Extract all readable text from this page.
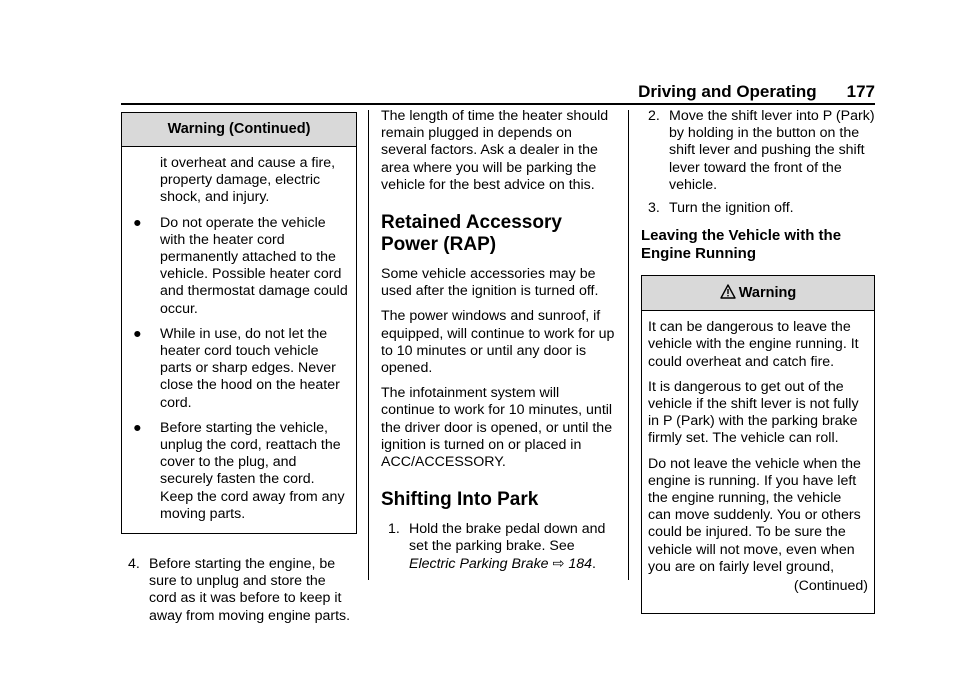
Driving and Operating 177
Warning (Continued)

it overheat and cause a fire, property damage, electric shock, and injury.

● Do not operate the vehicle with the heater cord permanently attached to the vehicle. Possible heater cord and thermostat damage could occur.
● While in use, do not let the heater cord touch vehicle parts or sharp edges. Never close the hood on the heater cord.
● Before starting the vehicle, unplug the cord, reattach the cover to the plug, and securely fasten the cord. Keep the cord away from any moving parts.
4. Before starting the engine, be sure to unplug and store the cord as it was before to keep it away from moving engine parts.

The length of time the heater should remain plugged in depends on several factors. Ask a dealer in the area where you will be parking the vehicle for the best advice on this.

Retained Accessory Power (RAP)

Some vehicle accessories may be used after the ignition is turned off.

The power windows and sunroof, if equipped, will continue to work for up to 10 minutes or until any door is opened.

The infotainment system will continue to work for 10 minutes, until the driver door is opened, or until the ignition is turned on or placed in ACC/ACCESSORY.

Shifting Into Park
1. Hold the brake pedal down and set the parking brake. See Electric Parking Brake ⇨ 184.
2. Move the shift lever into P (Park) by holding in the button on the shift lever and pushing the shift lever toward the front of the vehicle.
3. Turn the ignition off.
Leaving the Vehicle with the Engine Running
Warning

It can be dangerous to leave the vehicle with the engine running. It could overheat and catch fire.

It is dangerous to get out of the vehicle if the shift lever is not fully in P (Park) with the parking brake firmly set. The vehicle can roll.

Do not leave the vehicle when the engine is running. If you have left the engine running, the vehicle can move suddenly. You or others could be injured. To be sure the vehicle will not move, even when you are on fairly level ground,

(Continued)
